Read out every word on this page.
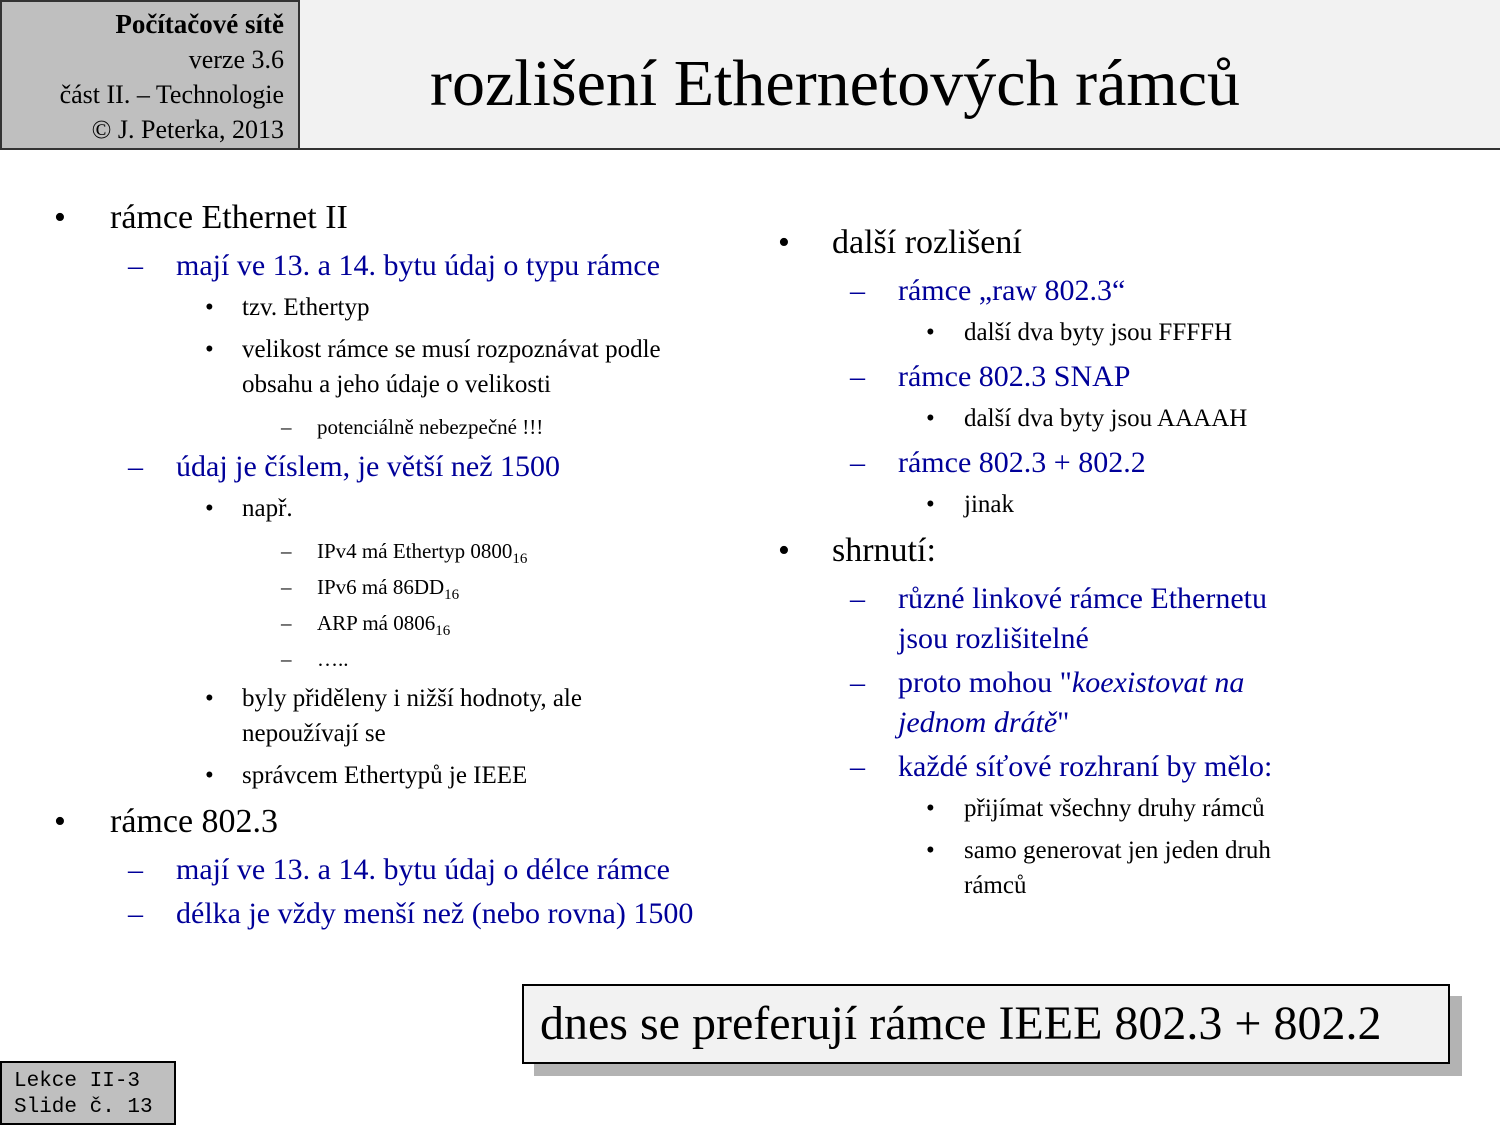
Počítačové sítě
verze 3.6
část II. – Technologie
© J. Peterka, 2013
rozlišení Ethernetových rámců
• rámce Ethernet II
– mají ve 13. a 14. bytu údaj o typu rámce
• tzv. Ethertyp
• velikost rámce se musí rozpoznávat podle obsahu a jeho údaje o velikosti
– potenciálně nebezpečné !!!
– údaj je číslem, je větší než 1500
• např.
– IPv4 má Ethertyp $0800_{16}$
– IPv6 má $86DD_{16}$
– ARP má $0806_{16}$
– …..
• byly přiděleny i nižší hodnoty, ale nepoužívají se
• správcem Ethertypů je IEEE
• rámce 802.3
– mají ve 13. a 14. bytu údaj o délce rámce
– délka je vždy menší než (nebo rovna) 1500
• další rozlišení
– rámce „raw 802.3“
• další dva byty jsou FFFFH
– rámce 802.3 SNAP
• další dva byty jsou AAAAH
– rámce 802.3 + 802.2
• jinak
• shrnutí:
– různé linkové rámce Ethernetu jsou rozlišitelné
– proto mohou "koexistovat na jednom drátě"
– každé síťové rozhraní by mělo:
• přijímat všechny druhy rámců
• samo generovat jen jeden druh rámců
dnes se preferují rámce IEEE 802.3 + 802.2
Lekce II-3
Slide č. 13
